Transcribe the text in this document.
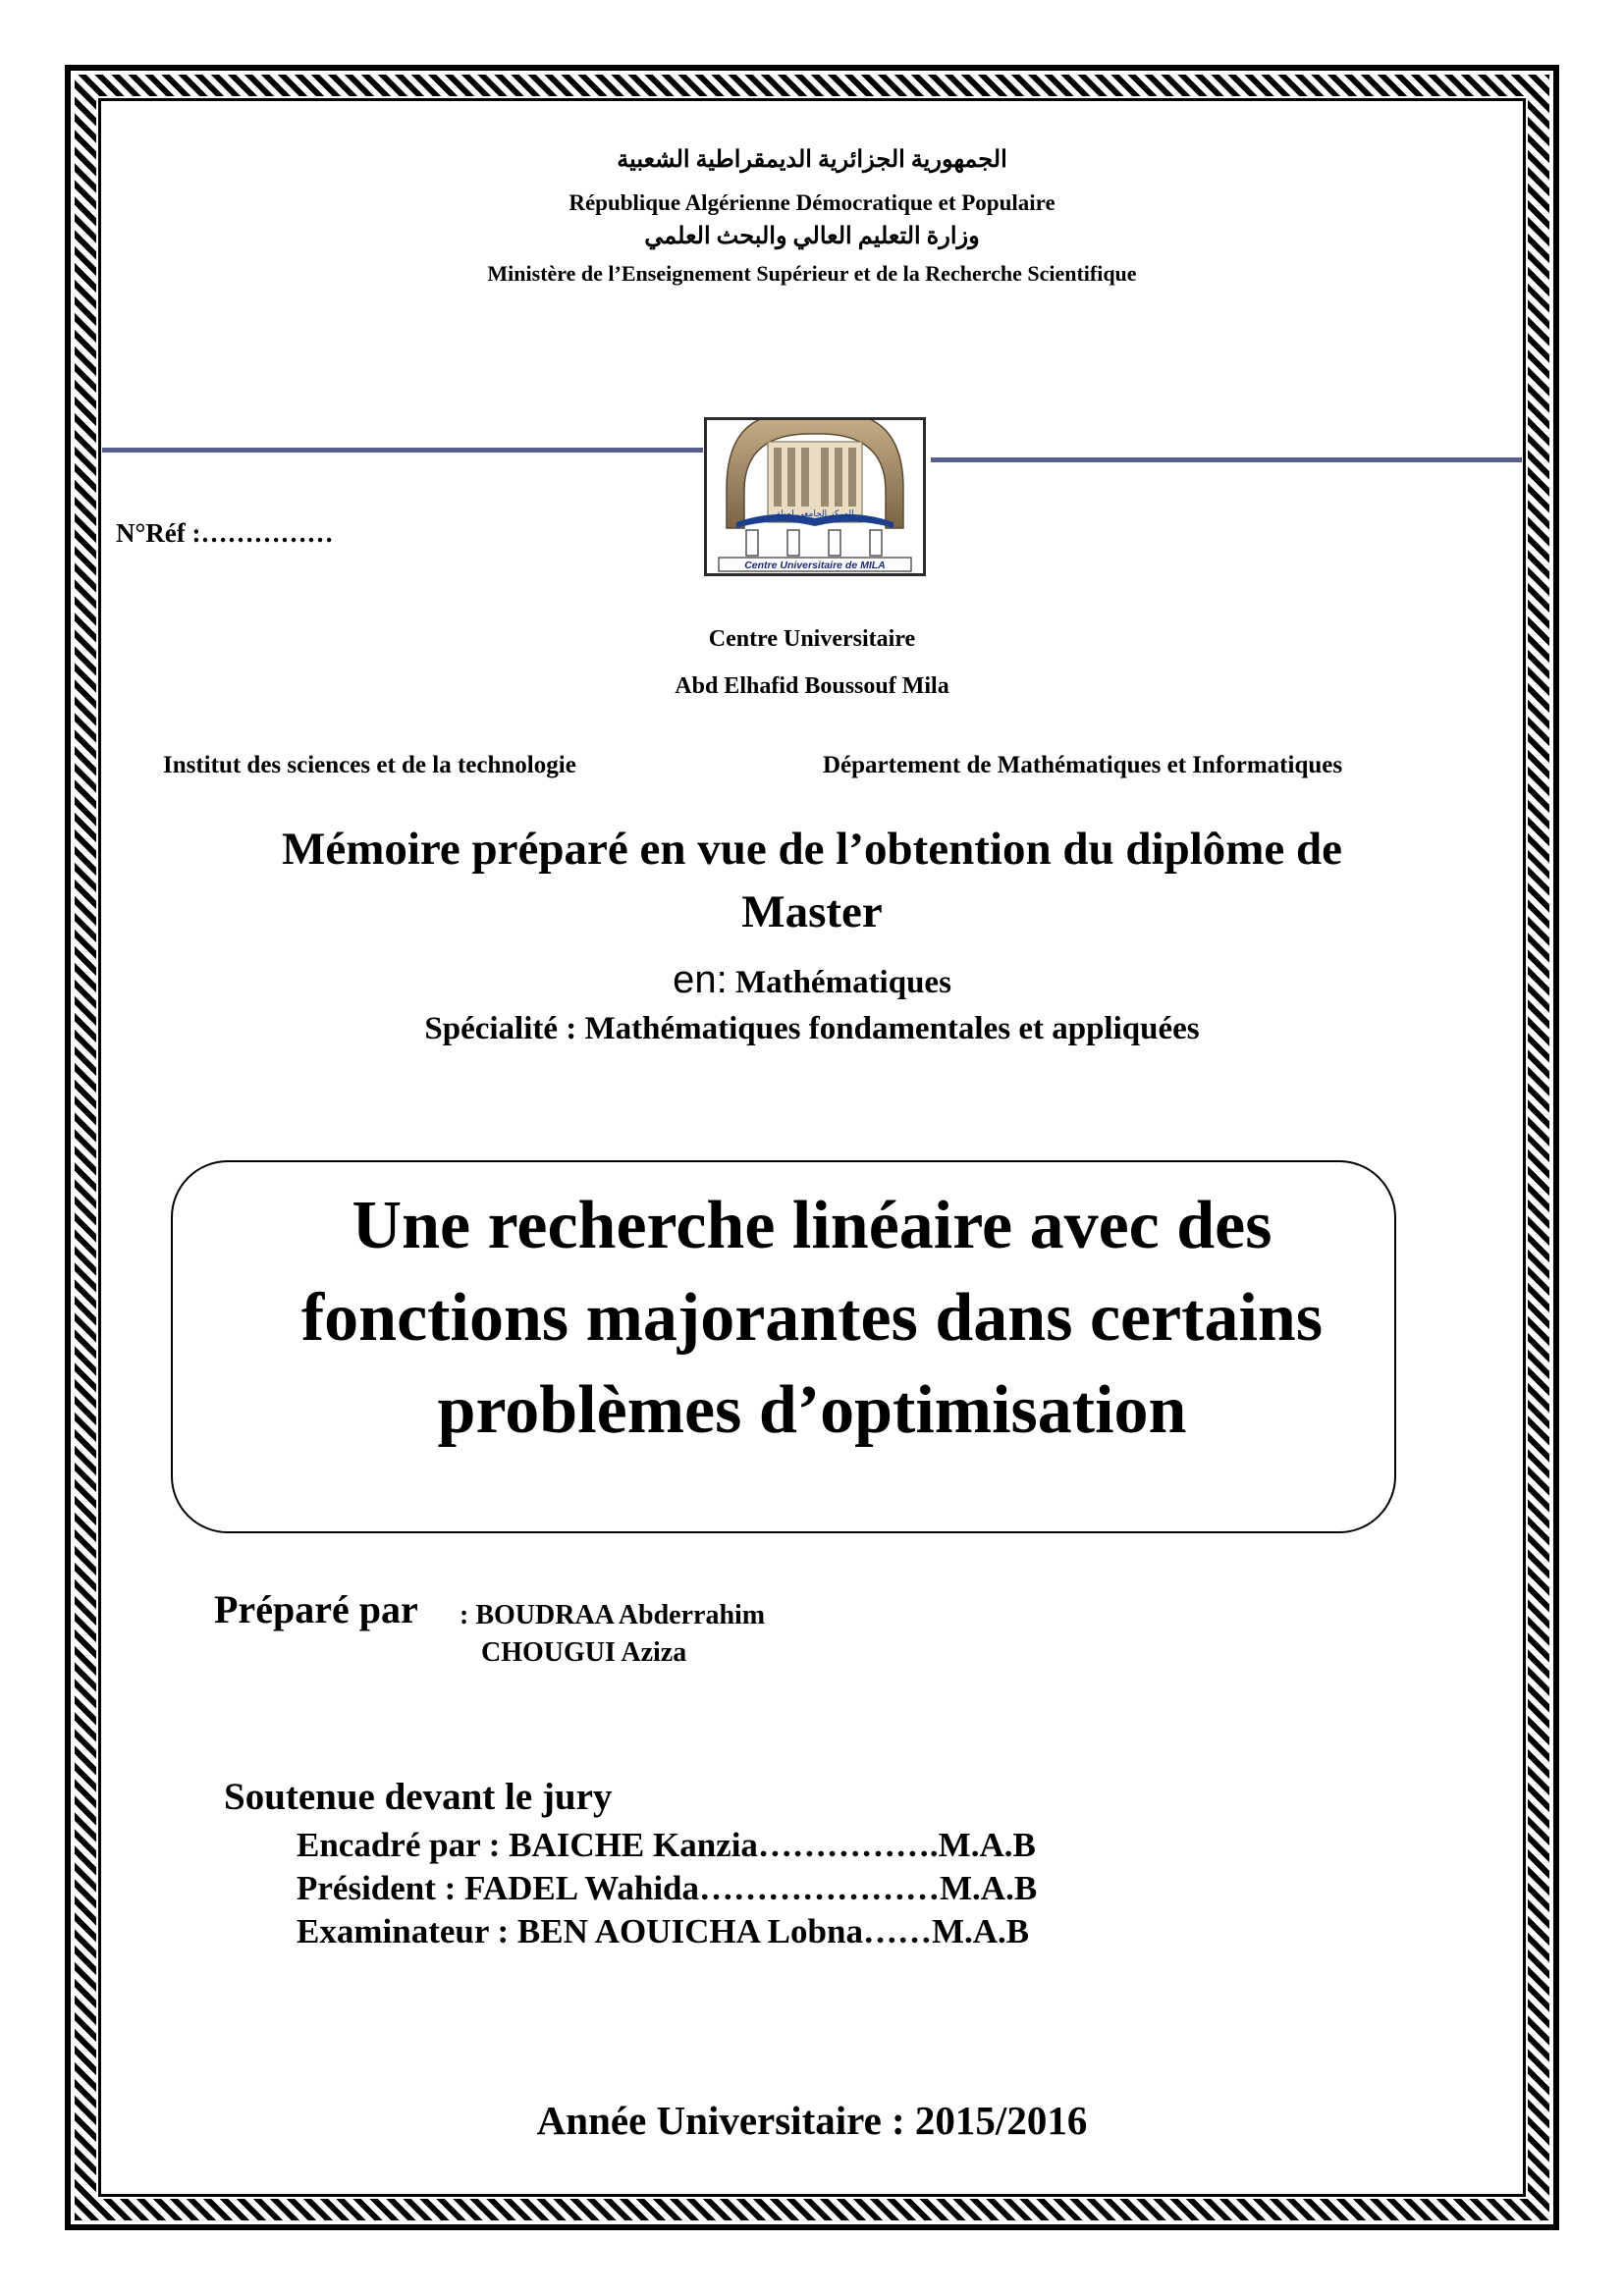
الجمهورية الجزائرية الديمقراطية الشعبية
République Algérienne Démocratique et Populaire
وزارة التعليم العالي والبحث العلمي
Ministère de l’Enseignement Supérieur et de la Recherche Scientifique
المركز الجامعي لميلة
Centre Universitaire de MILA
N°Réf :……………
Centre Universitaire
Abd Elhafid Boussouf Mila
Institut des sciences et de la technologie	Département de Mathématiques et Informatiques
Mémoire préparé en vue de l’obtention du diplôme de
Master
en: Mathématiques
Spécialité : Mathématiques fondamentales et appliquées
Une recherche linéaire avec des
fonctions majorantes dans certains
problèmes d’optimisation
Préparé par : BOUDRAA Abderrahim
CHOUGUI Aziza
Soutenue devant le jury
Encadré par : BAICHE Kanzia…………….M.A.B
Président : FADEL Wahida…………………M.A.B
Examinateur : BEN AOUICHA Lobna……M.A.B
Année Universitaire : 2015/2016
